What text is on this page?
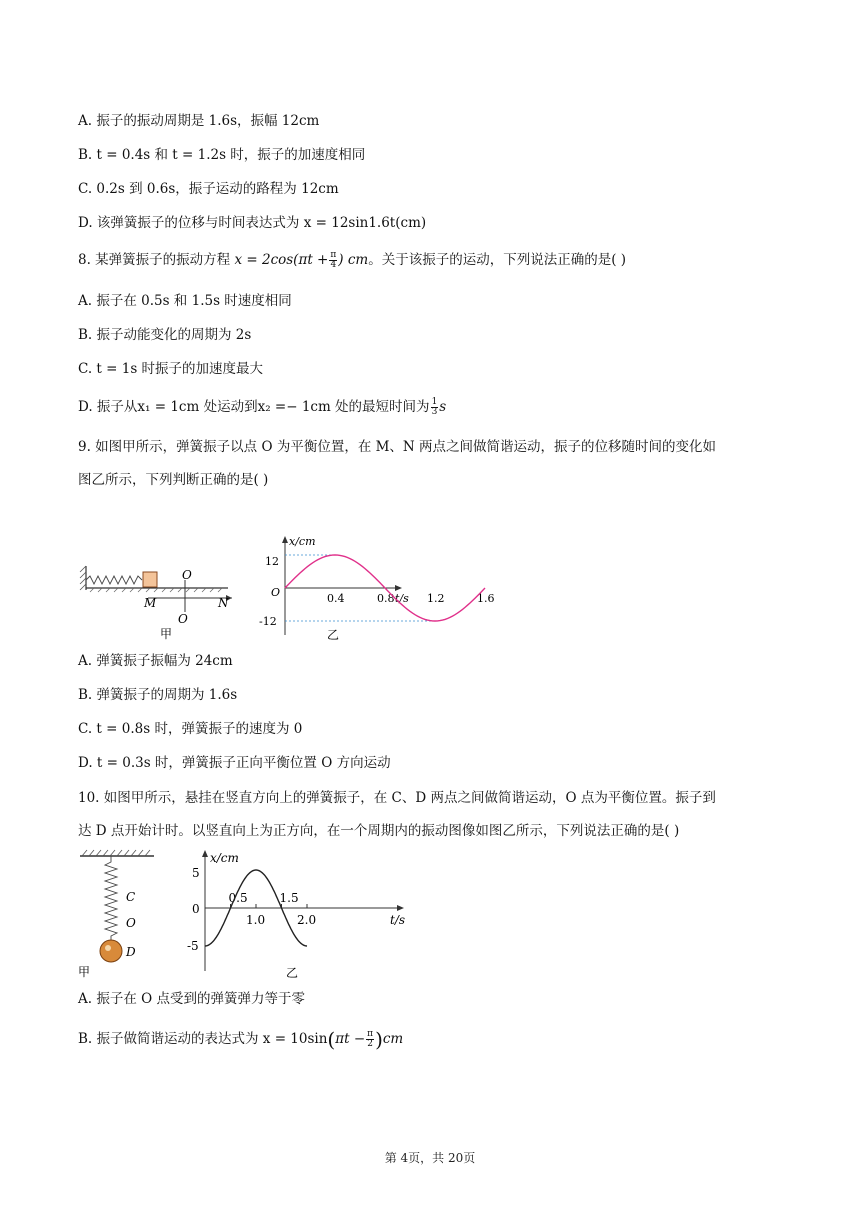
A. 振子的振动周期是 1.6s，振幅 12cm
B. t = 0.4s 和 t = 1.2s 时，振子的加速度相同
C. 0.2s 到 0.6s，振子运动的路程为 12cm
D. 该弹簧振子的位移与时间表达式为 x = 12sin1.6t(cm)
8. 某弹簧振子的振动方程 $x = 2\cos(\pi t + \frac{\pi}{4}$ ) cm。关于该振子的运动，下列说法正确的是( )
A. 振子在 0.5s 和 1.5s 时速度相同
B. 振子动能变化的周期为 2s
C. t = 1s 时振子的加速度最大
D. 振子从x₁ = 1cm 处运动到x₂ =− 1cm 处的最短时间为 $\frac{1}{3}$ s
9. 如图甲所示，弹簧振子以点 O 为平衡位置，在 M、N 两点之间做简谐运动，振子的位移随时间的变化如
图乙所示，下列判断正确的是( )
O
M	N
O
甲
x/cm
t/s
O
12
-12
0.4	0.8	1.2	1.6
乙
A. 弹簧振子振幅为 24cm
B. 弹簧振子的周期为 1.6s
C. t = 0.8s 时，弹簧振子的速度为 0
D. t = 0.3s 时，弹簧振子正向平衡位置 O 方向运动
10. 如图甲所示，悬挂在竖直方向上的弹簧振子，在 C、D 两点之间做简谐运动，O 点为平衡位置。振子到
达 D 点开始计时。以竖直向上为正方向，在一个周期内的振动图像如图乙所示，下列说法正确的是( )
C
O
D
甲
x/cm
t/s
0
5
-5
0.5
1.0
1.5
2.0
乙
A. 振子在 O 点受到的弹簧弹力等于零
B. 振子做简谐运动的表达式为 $x = 10\sin(\pi t - \frac{\pi}{2} )cm$
第 4页，共 20页
